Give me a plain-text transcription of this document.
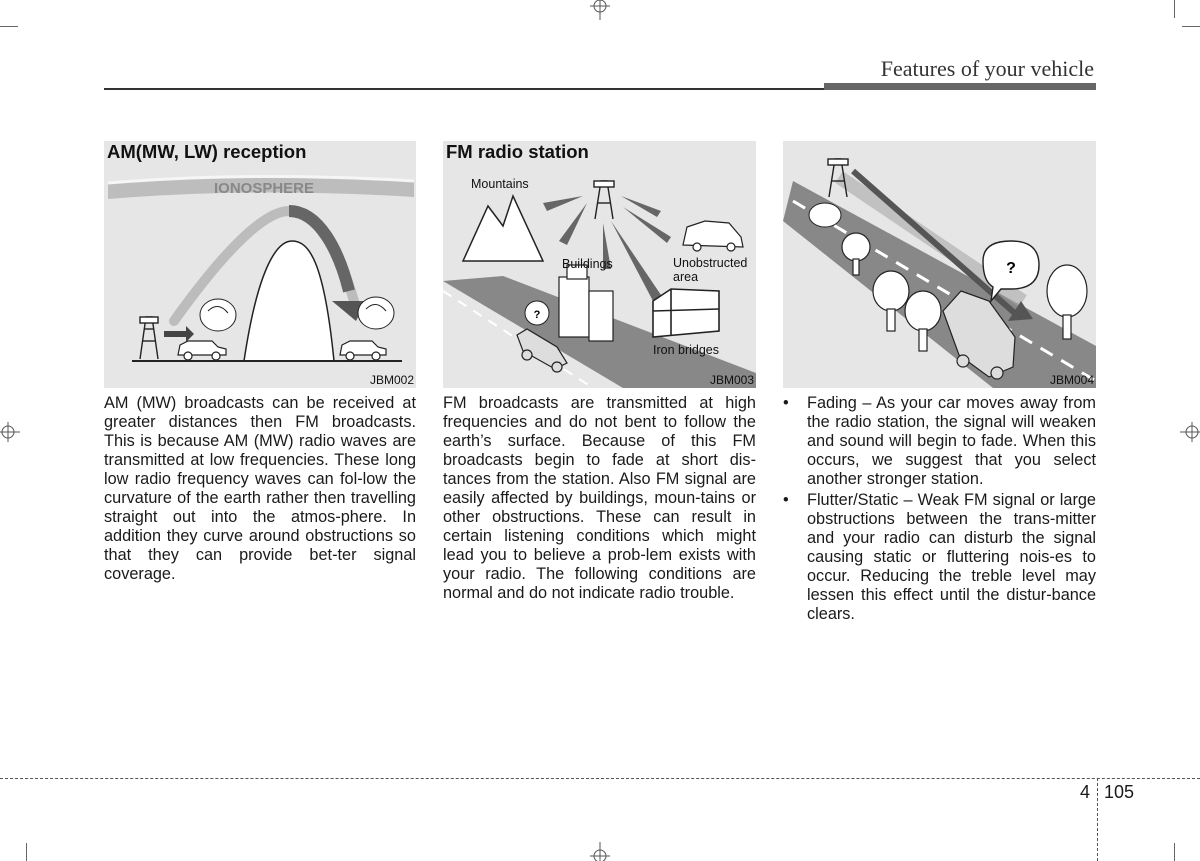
Features of your vehicle
IONOSPHERE
AM(MW, LW) reception
JBM002
?
Mountains
Buildings	Unobstructed
area
Iron bridges
FM radio station
JBM003
?
JBM004

AM (MW) broadcasts can be received at greater distances then FM broadcasts. This is because AM (MW) radio waves are transmitted at low frequencies. These long low radio frequency waves can fol-low the curvature of the earth rather then travelling straight out into the atmos-phere. In addition they curve around obstructions so that they can provide bet-ter signal coverage.

FM broadcasts are transmitted at high frequencies and do not bent to follow the earth’s surface. Because of this FM broadcasts begin to fade at short dis-tances from the station. Also FM signal are easily affected by buildings, moun-tains or other obstructions. These can result in certain listening conditions which might lead you to believe a prob-lem exists with your radio. The following conditions are normal and do not indicate radio trouble.

• Fading – As your car moves away from the radio station, the signal will weaken and sound will begin to fade. When this occurs, we suggest that you select another stronger station.
• Flutter/Static – Weak FM signal or large obstructions between the trans-mitter and your radio can disturb the signal causing static or fluttering nois-es to occur. Reducing the treble level may lessen this effect until the distur-bance clears.
4 105
